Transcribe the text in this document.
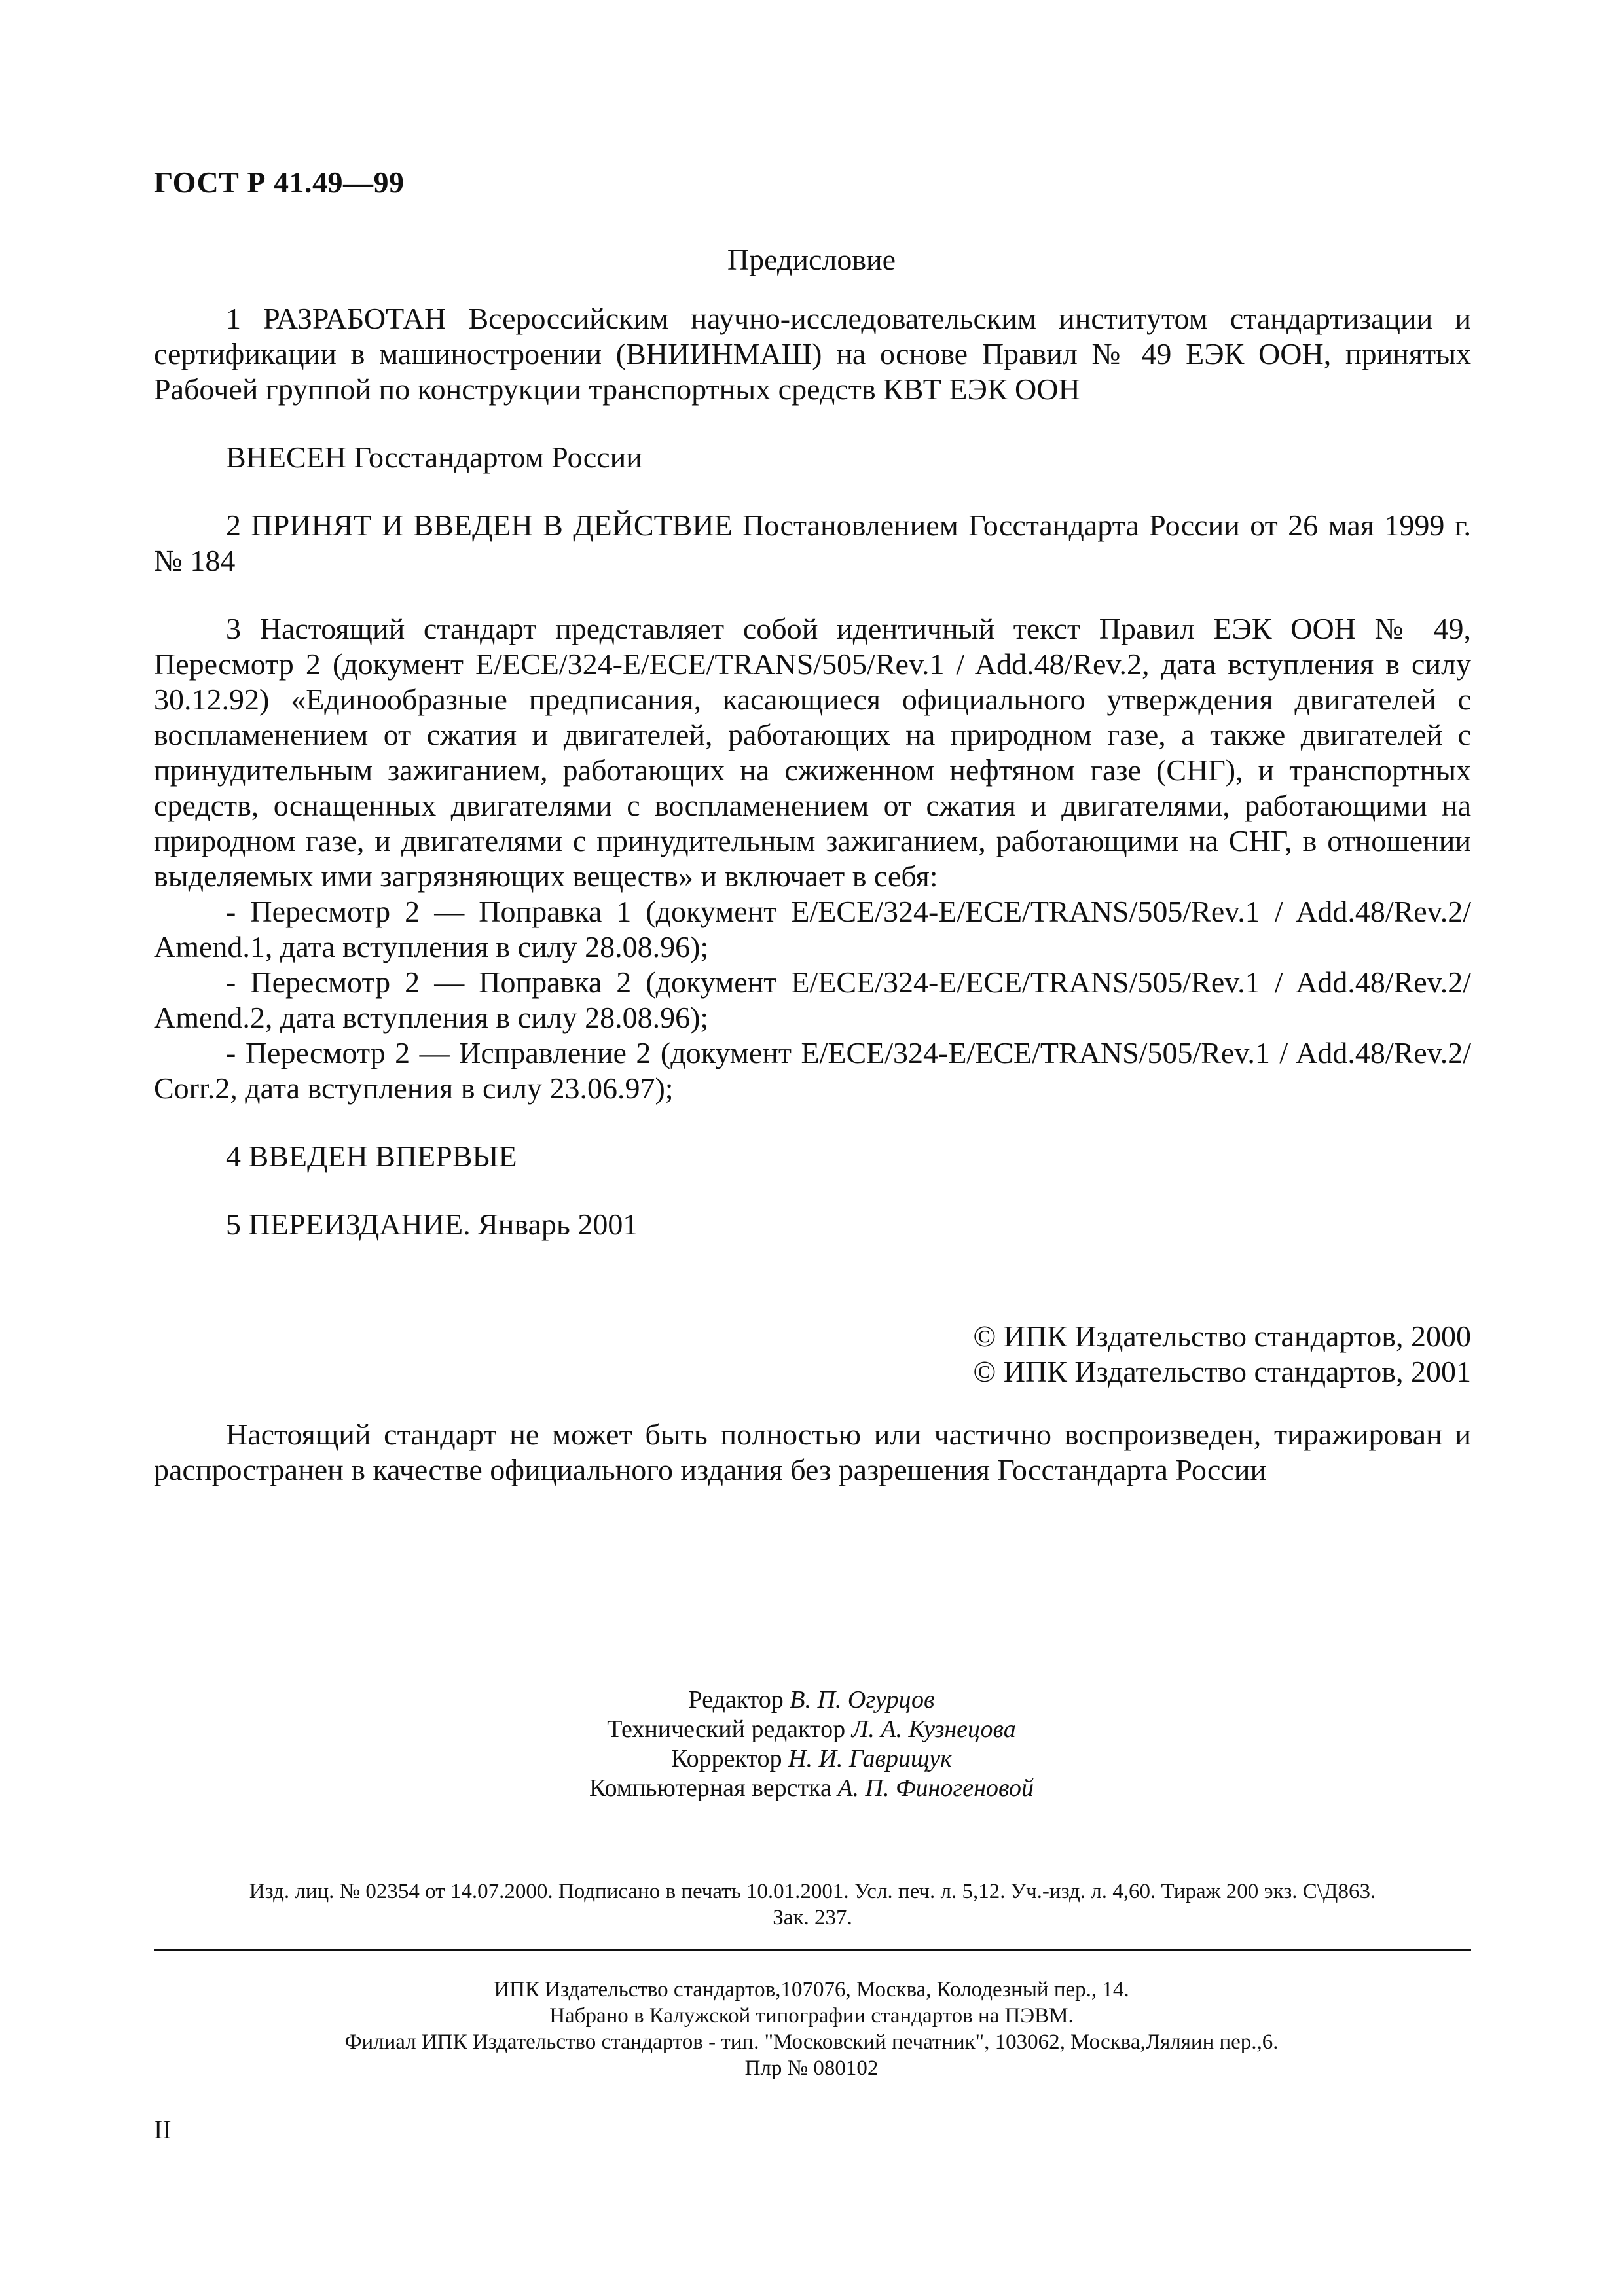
ГОСТ Р 41.49—99
Предисловие

1 РАЗРАБОТАН Всероссийским научно-исследовательским институтом стандартизации и сертификации в машиностроении (ВНИИНМАШ) на основе Правил № 49 ЕЭК ООН, принятых Рабочей группой по конструкции транспортных средств КВТ ЕЭК ООН

ВНЕСЕН Госстандартом России

2 ПРИНЯТ И ВВЕДЕН В ДЕЙСТВИЕ Постановлением Госстандарта России от 26 мая 1999 г. № 184

3 Настоящий стандарт представляет собой идентичный текст Правил ЕЭК ООН № 49, Пересмотр 2 (документ E/ECE/324-E/ECE/TRANS/505/Rev.1 / Add.48/Rev.2, дата вступления в силу 30.12.92) «Единообразные предписания, касающиеся официального утверждения двигателей с воспламенением от сжатия и двигателей, работающих на природном газе, а также двигателей с принудительным зажиганием, работающих на сжиженном нефтяном газе (СНГ), и транспортных средств, оснащенных двигателями с воспламенением от сжатия и двигателями, работающими на природном газе, и двигателями с принудительным зажиганием, работающими на СНГ, в отношении выделяемых ими загрязняющих веществ» и включает в себя:

- Пересмотр 2 — Поправка 1 (документ E/ECE/324-E/ECE/TRANS/505/Rev.1 / Add.48/Rev.2/ Amend.1, дата вступления в силу 28.08.96);

- Пересмотр 2 — Поправка 2 (документ E/ECE/324-E/ECE/TRANS/505/Rev.1 / Add.48/Rev.2/ Amend.2, дата вступления в силу 28.08.96);

- Пересмотр 2 — Исправление 2 (документ E/ECE/324-E/ECE/TRANS/505/Rev.1 / Add.48/Rev.2/ Corr.2, дата вступления в силу 23.06.97);

4 ВВЕДЕН ВПЕРВЫЕ

5 ПЕРЕИЗДАНИЕ. Январь 2001

© ИПК Издательство стандартов, 2000
© ИПК Издательство стандартов, 2001
Настоящий стандарт не может быть полностью или частично воспроизведен, тиражирован и распространен в качестве официального издания без разрешения Госстандарта России
Редактор В. П. Огурцов
Технический редактор Л. А. Кузнецова
Корректор Н. И. Гаврищук
Компьютерная верстка А. П. Финогеновой
Изд. лиц. № 02354 от 14.07.2000. Подписано в печать 10.01.2001. Усл. печ. л. 5,12. Уч.-изд. л. 4,60. Тираж 200 экз. С\Д863.
Зак. 237.
ИПК Издательство стандартов,107076, Москва, Колодезный пер., 14.
Набрано в Калужской типографии стандартов на ПЭВМ.
Филиал ИПК Издательство стандартов - тип. "Московский печатник", 103062, Москва,Ляляин пер.,6.
Плр № 080102
II
